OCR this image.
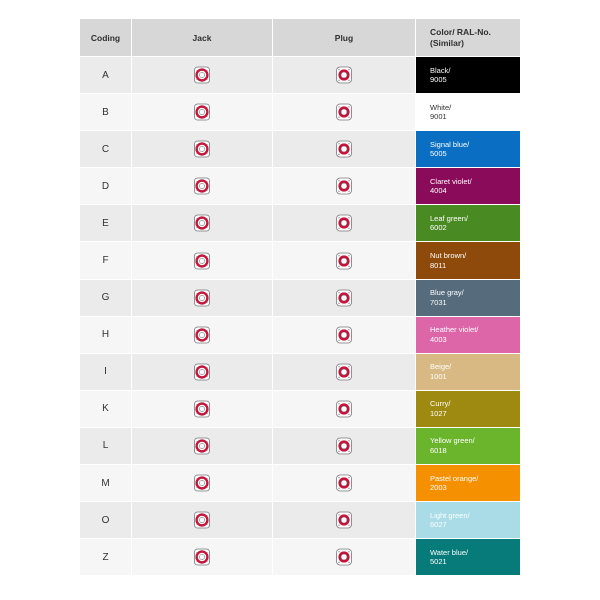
Coding	Jack	Plug
Color/ RAL-No.
(Similar)
A	Black/
9005
B	White/
9001
C	Signal blue/
5005
D	Claret violet/
4004
E	Leaf green/
6002
F	Nut brown/
8011
G	Blue gray/
7031
H	Heather violet/
4003
I	Beige/
1001
K	Curry/
1027
L	Yellow green/
6018
M	Pastel orange/
2003
O	Light green/
6027
Z	Water blue/
5021
